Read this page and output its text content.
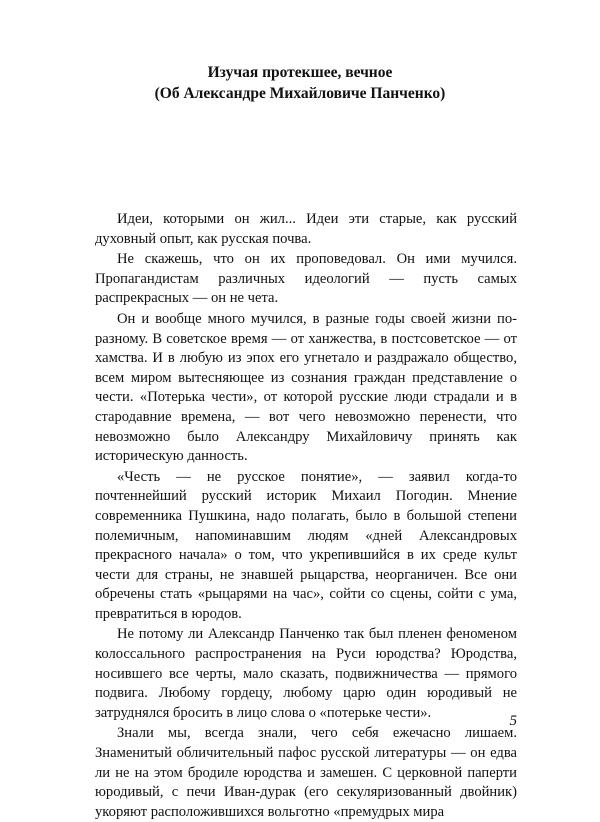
Изучая протекшее, вечное
(Об Александре Михайловиче Панченко)

Идеи, которыми он жил... Идеи эти старые, как русский духовный опыт, как русская почва.

Не скажешь, что он их проповедовал. Он ими мучился. Пропагандистам различных идеологий — пусть самых распрекрасных — он не чета.

Он и вообще много мучился, в разные годы своей жизни по-разному. В советское время — от ханжества, в постсоветское — от хамства. И в любую из эпох его угнетало и раздражало общество, всем миром вытесняющее из сознания граждан представление о чести. «Потерька чести», от которой русские люди страдали и в стародавние времена, — вот чего невозможно перенести, что невозможно было Александру Михайловичу принять как историческую данность.

«Честь — не русское понятие», — заявил когда-то почтеннейший русский историк Михаил Погодин. Мнение современника Пушкина, надо полагать, было в большой степени полемичным, напоминавшим людям «дней Александровых прекрасного начала» о том, что укрепившийся в их среде культ чести для страны, не знавшей рыцарства, неорганичен. Все они обречены стать «рыцарями на час», сойти со сцены, сойти с ума, превратиться в юродов.

Не потому ли Александр Панченко так был пленен феноменом колоссального распространения на Руси юродства? Юродства, носившего все черты, мало сказать, подвижничества — прямого подвига. Любому гордецу, любому царю один юродивый не затруднялся бросить в лицо слова о «потерьке чести».

Знали мы, всегда знали, чего себя ежечасно лишаем. Знаменитый обличительный пафос русской литературы — он едва ли не на этом бродиле юродства и замешен. С церковной паперти юродивый, с печи Иван-дурак (его секуляризованный двойник) укоряют расположившихся вольготно «премудрых мира

5
